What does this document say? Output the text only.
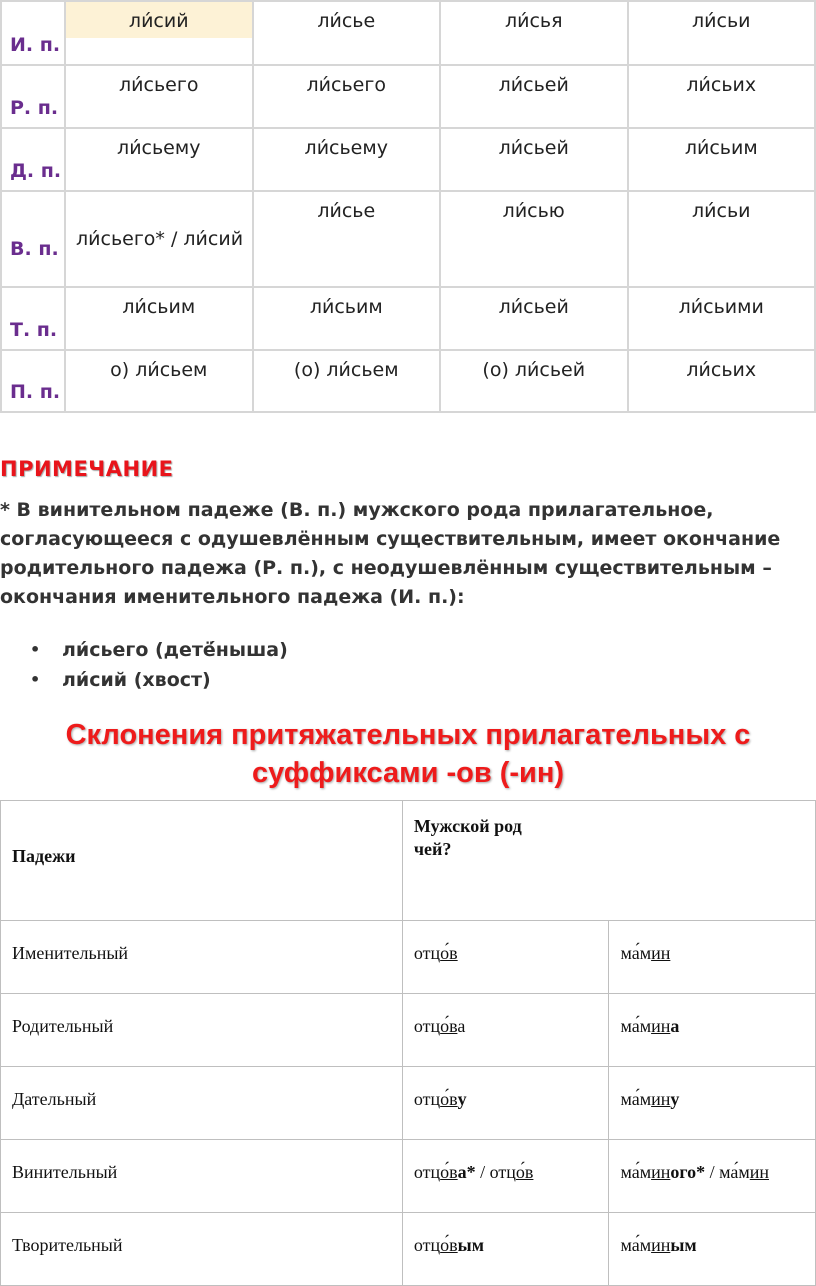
И. п.	ли́сий	ли́сье	ли́сья	ли́сьи

Р. п.	ли́сьего	ли́сьего	ли́сьей	ли́сьих

Д. п.	ли́сьему	ли́сьему	ли́сьей	ли́сьим

В. п.	ли́сьего* / ли́сий	ли́сье	ли́сью	ли́сьи

Т. п.	ли́сьим	ли́сьим	ли́сьей	ли́сьими

П. п.	о) ли́сьем	(о) ли́сьем	(о) ли́сьей	ли́сьих
ПРИМЕЧАНИЕ
* В винительном падеже (В. п.) мужского рода прилагательное, согласующееся с одушевлённым существительным, имеет окончание родительного падежа (Р. п.), с неодушевлённым существительным – окончания именительного падежа (И. п.):
• ли́сьего (детё́ныша)
• ли́сий (хвост)
Склонения притяжательных прилагательных с
суффиксами -ов (-ин)
Падежи	Мужской род
чей?	

Именительный	отцо́в	ма́мин
Родительный	отцо́ва	ма́мина
Дательный	отцо́ву	ма́мину
Винительный	отцо́ва* / отцо́в	ма́миного* / ма́мин
Творительный	отцо́вым	ма́миным
